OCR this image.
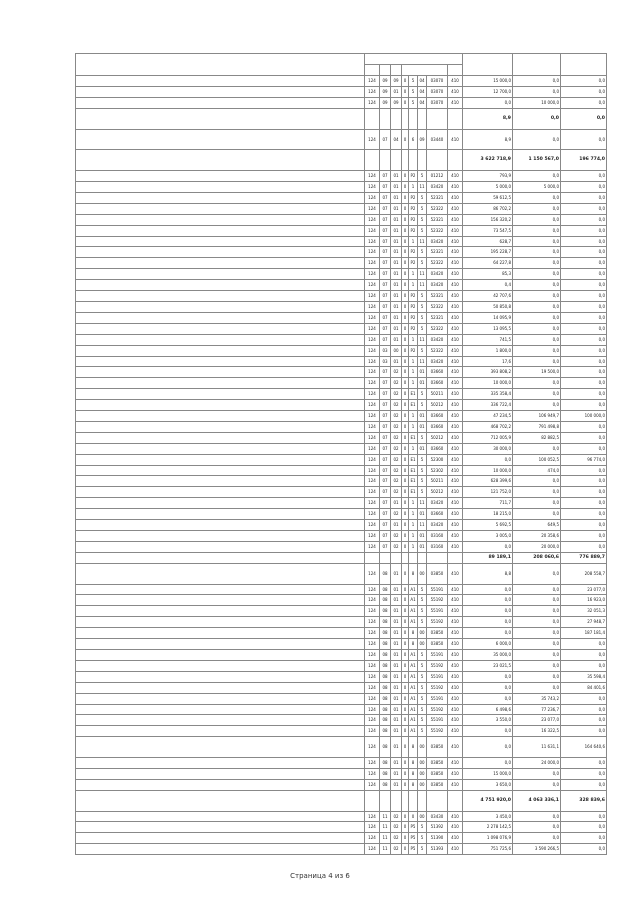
	124	09	09	0	5	04	03070	410	15 000,0	0,0	0,0
	124	09	01	0	5	04	03070	410	12 700,0	0,0	0,0
	124	09	09	0	5	04	03070	410	0,0	10 000,0	0,0
									8,9	0,0	0,0
	124	07	04	0	6	09	03440	410	8,9	0,0	0,0
									3 622 718,9	1 150 567,0	196 774,0
	124	07	01	0	P2	5	01212	410	793,9	0,0	0,0
	124	07	01	0	1	11	03420	410	5 000,0	5 000,0	0,0
	124	07	01	0	P2	5	52321	410	59 612,5	0,0	0,0
	124	07	01	0	P2	5	52322	410	86 702,2	0,0	0,0
	124	07	01	0	P2	5	52321	410	156 320,2	0,0	0,0
	124	07	01	0	P2	5	52322	410	73 547,5	0,0	0,0
	124	07	01	0	1	11	03420	410	628,7	0,0	0,0
	124	07	01	0	P2	5	52321	410	195 228,7	0,0	0,0
	124	07	01	0	P2	5	52322	410	64 227,8	0,0	0,0
	124	07	01	0	1	11	03420	410	85,3	0,0	0,0
	124	07	01	0	1	11	03420	410	0,4	0,0	0,0
	124	07	01	0	P2	5	52321	410	42 707,6	0,0	0,0
	124	07	01	0	P2	5	52322	410	50 850,8	0,0	0,0
	124	07	01	0	P2	5	52321	410	14 095,9	0,0	0,0
	124	07	01	0	P2	5	52322	410	13 095,5	0,0	0,0
	124	07	01	0	1	11	03420	410	741,5	0,0	0,0
	124	03	00	0	P2	5	52322	410	1 800,0	0,0	0,0
	124	03	01	0	1	11	03420	410	17,6	0,0	0,0
	124	07	02	0	1	01	03660	410	393 808,2	19 500,0	0,0
	124	07	02	0	1	01	03660	410	10 000,0	0,0	0,0
	124	07	02	0	E1	5	50211	410	335 358,4	0,0	0,0
	124	07	02	0	E1	5	50212	410	336 722,4	0,0	0,0
	124	07	02	0	1	01	03660	410	47 234,5	106 949,7	100 000,0
	124	07	02	0	1	01	03660	410	468 702,2	791 498,8	0,0
	124	07	02	0	E1	5	50212	410	712 005,9	82 882,5	0,0
	124	07	02	0	1	01	03660	410	30 000,0	0,0	0,0
	124	07	02	0	E1	5	52300	410	0,0	100 052,5	96 774,0
	124	07	02	0	E1	5	52302	410	10 000,0	474,0	0,0
	124	07	02	0	E1	5	50211	410	628 399,6	0,0	0,0
	124	07	02	0	E1	5	50212	410	121 752,0	0,0	0,0
	124	07	01	0	1	11	03420	410	711,7	0,0	0,0
	124	07	02	0	1	01	03660	410	18 215,0	0,0	0,0
	124	07	01	0	1	11	03420	410	5 692,5	649,5	0,0
	124	07	02	0	1	01	03160	410	3 005,0	20 358,6	0,0
	124	07	02	0	1	01	03160	410	0,0	20 000,0	0,0
									89 189,1	208 060,6	776 889,7
	124	08	01	0	8	00	03850	410	8,8	0,0	208 558,7
	124	08	01	0	A1	5	55191	410	0,0	0,0	23 077,0
	124	08	01	0	A1	5	55192	410	0,0	0,0	16 923,0
	124	08	01	0	A1	5	55191	410	0,0	0,0	32 051,3
	124	08	01	0	A1	5	55192	410	0,0	0,0	27 948,7
	124	08	01	0	8	00	03850	410	0,0	0,0	187 181,4
	124	08	01	0	8	00	03850	410	6 000,0	0,0	0,0
	124	08	01	0	A1	5	55191	410	35 000,0	0,0	0,0
	124	08	01	0	A1	5	55192	410	23 021,5	0,0	0,0
	124	08	01	0	A1	5	55191	410	0,0	0,0	35 598,4
	124	08	01	0	A1	5	55192	410	0,0	0,0	84 401,6
	124	08	01	0	A1	5	55191	410	0,0	35 743,2	0,0
	124	08	01	0	A1	5	55192	410	6 498,6	77 236,7	0,0
	124	08	01	0	A1	5	55191	410	3 550,0	23 077,0	0,0
	124	08	01	0	A1	5	55192	410	0,0	16 322,5	0,0
	124	08	01	0	8	00	03850	410	0,0	11 631,1	164 640,6
	124	08	01	0	8	00	03850	410	0,0	24 000,0	0,0
	124	08	01	0	8	00	03850	410	15 000,0	0,0	0,0
	124	08	01	0	8	00	03850	410	3 650,0	0,0	0,0
									4 751 920,0	4 063 336,1	328 839,6
	124	11	02	0	0	00	03430	410	3 450,0	0,0	0,0
	124	11	02	0	P5	5	51392	410	2 278 142,5	0,0	0,0
	124	11	02	0	P5	5	51390	410	1 098 076,9	0,0	0,0
	124	11	02	0	P5	5	51393	410	751 725,6	3 590 266,5	0,0
Страница 4 из 6
